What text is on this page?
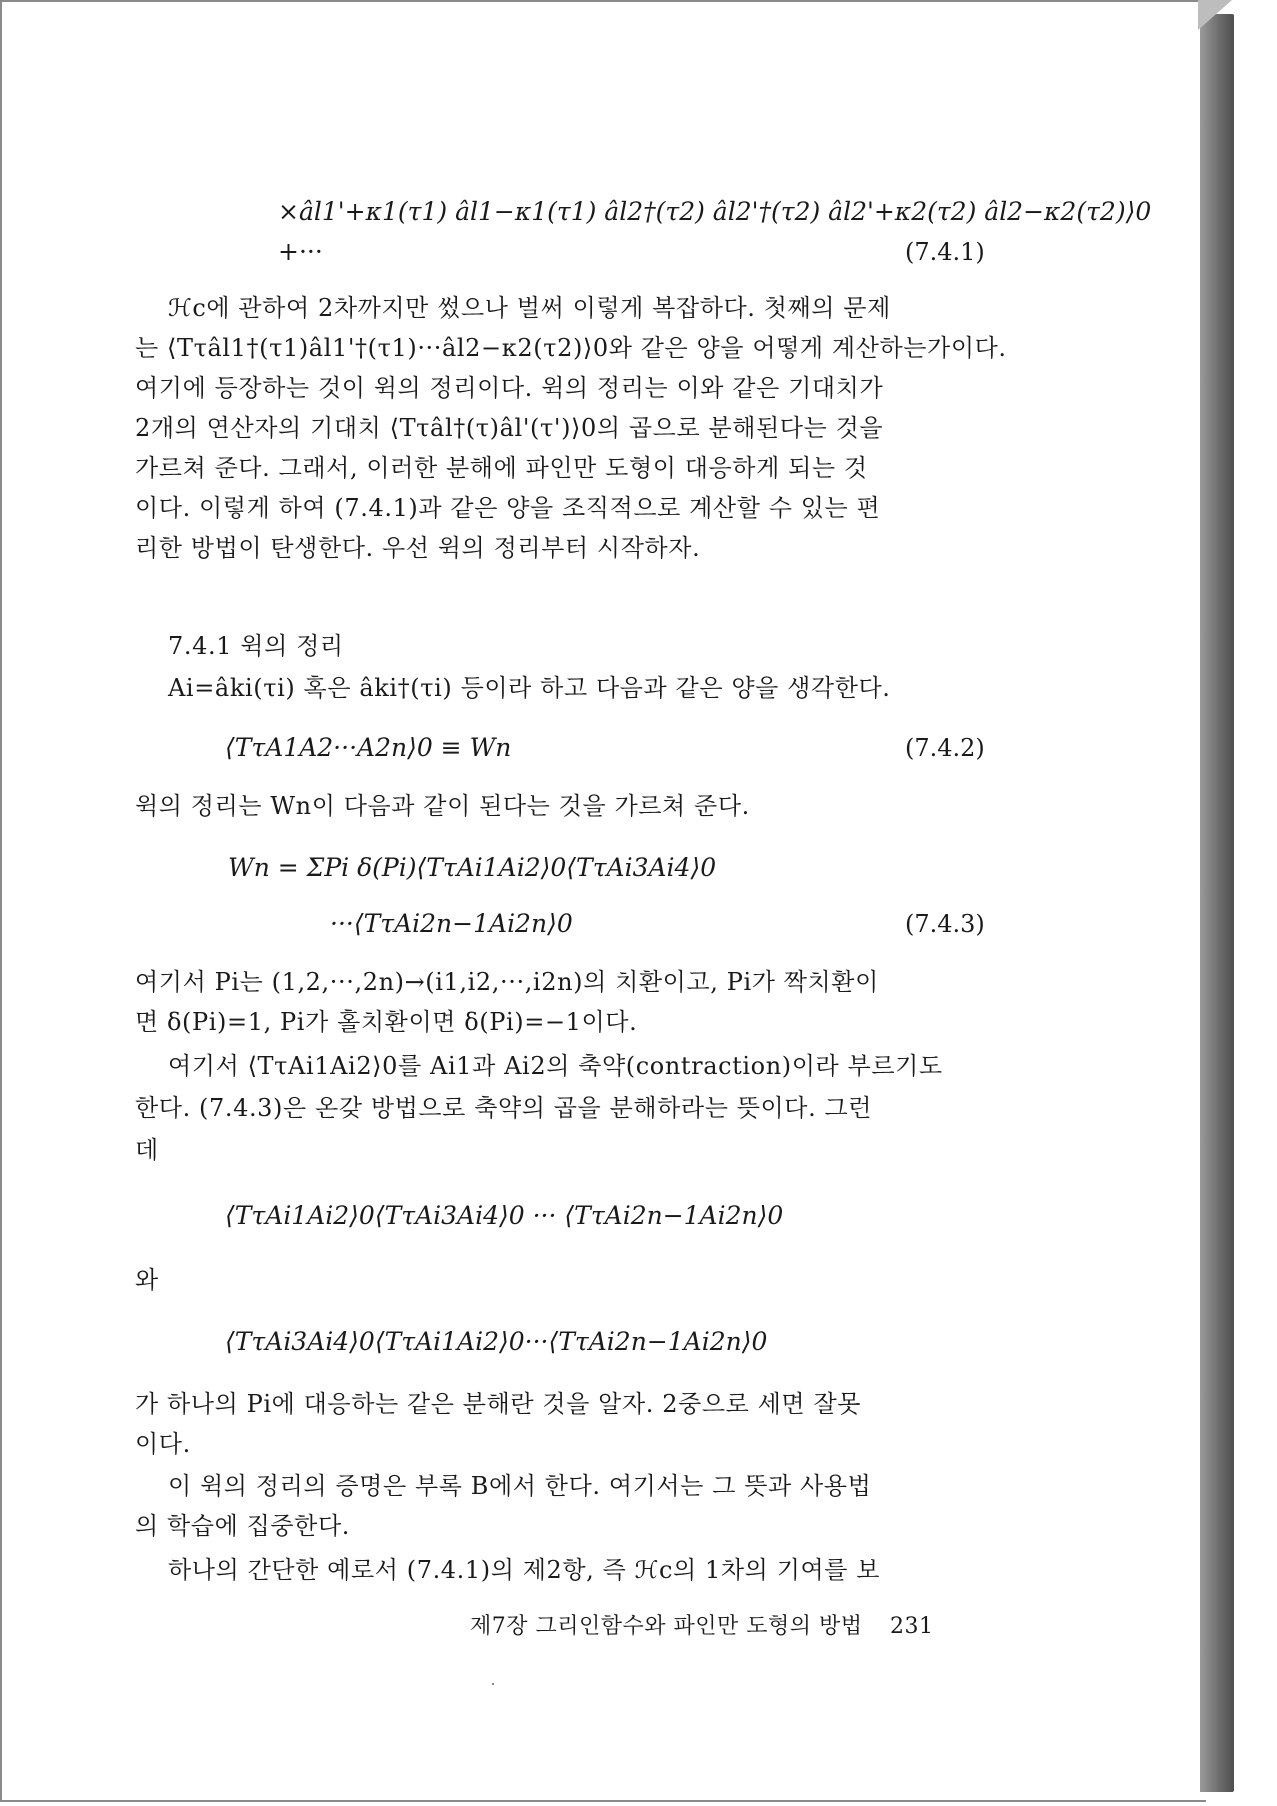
×âl1'+κ1(τ1) âl1−κ1(τ1) âl2†(τ2) âl2'†(τ2) âl2'+κ2(τ2) âl2−κ2(τ2)⟩0
+···	(7.4.1)
ℋc에 관하여 2차까지만 썼으나 벌써 이렇게 복잡하다. 첫째의 문제
는 ⟨Tτâl1†(τ1)âl1'†(τ1)···âl2−κ2(τ2)⟩0와 같은 양을 어떻게 계산하는가이다.
여기에 등장하는 것이 윅의 정리이다. 윅의 정리는 이와 같은 기대치가
2개의 연산자의 기대치 ⟨Tτâl†(τ)âl'(τ')⟩0의 곱으로 분해된다는 것을
가르쳐 준다. 그래서, 이러한 분해에 파인만 도형이 대응하게 되는 것
이다. 이렇게 하여 (7.4.1)과 같은 양을 조직적으로 계산할 수 있는 편
리한 방법이 탄생한다. 우선 윅의 정리부터 시작하자.
7.4.1 윅의 정리
Ai=âki(τi) 혹은 âki†(τi) 등이라 하고 다음과 같은 양을 생각한다.
⟨TτA1A2···A2n⟩0 ≡ Wn	(7.4.2)
윅의 정리는 Wn이 다음과 같이 된다는 것을 가르쳐 준다.
Wn = ΣPi δ(Pi)⟨TτAi1Ai2⟩0⟨TτAi3Ai4⟩0
···⟨TτAi2n−1Ai2n⟩0	(7.4.3)
여기서 Pi는 (1,2,···,2n)→(i1,i2,···,i2n)의 치환이고, Pi가 짝치환이
면 δ(Pi)=1, Pi가 홀치환이면 δ(Pi)=−1이다.
여기서 ⟨TτAi1Ai2⟩0를 Ai1과 Ai2의 축약(contraction)이라 부르기도
한다. (7.4.3)은 온갖 방법으로 축약의 곱을 분해하라는 뜻이다. 그런
데
⟨TτAi1Ai2⟩0⟨TτAi3Ai4⟩0 ··· ⟨TτAi2n−1Ai2n⟩0
와
⟨TτAi3Ai4⟩0⟨TτAi1Ai2⟩0···⟨TτAi2n−1Ai2n⟩0
가 하나의 Pi에 대응하는 같은 분해란 것을 알자. 2중으로 세면 잘못
이다.
이 윅의 정리의 증명은 부록 B에서 한다. 여기서는 그 뜻과 사용법
의 학습에 집중한다.
하나의 간단한 예로서 (7.4.1)의 제2항, 즉 ℋc의 1차의 기여를 보
제7장 그리인함수와 파인만 도형의 방법 231
